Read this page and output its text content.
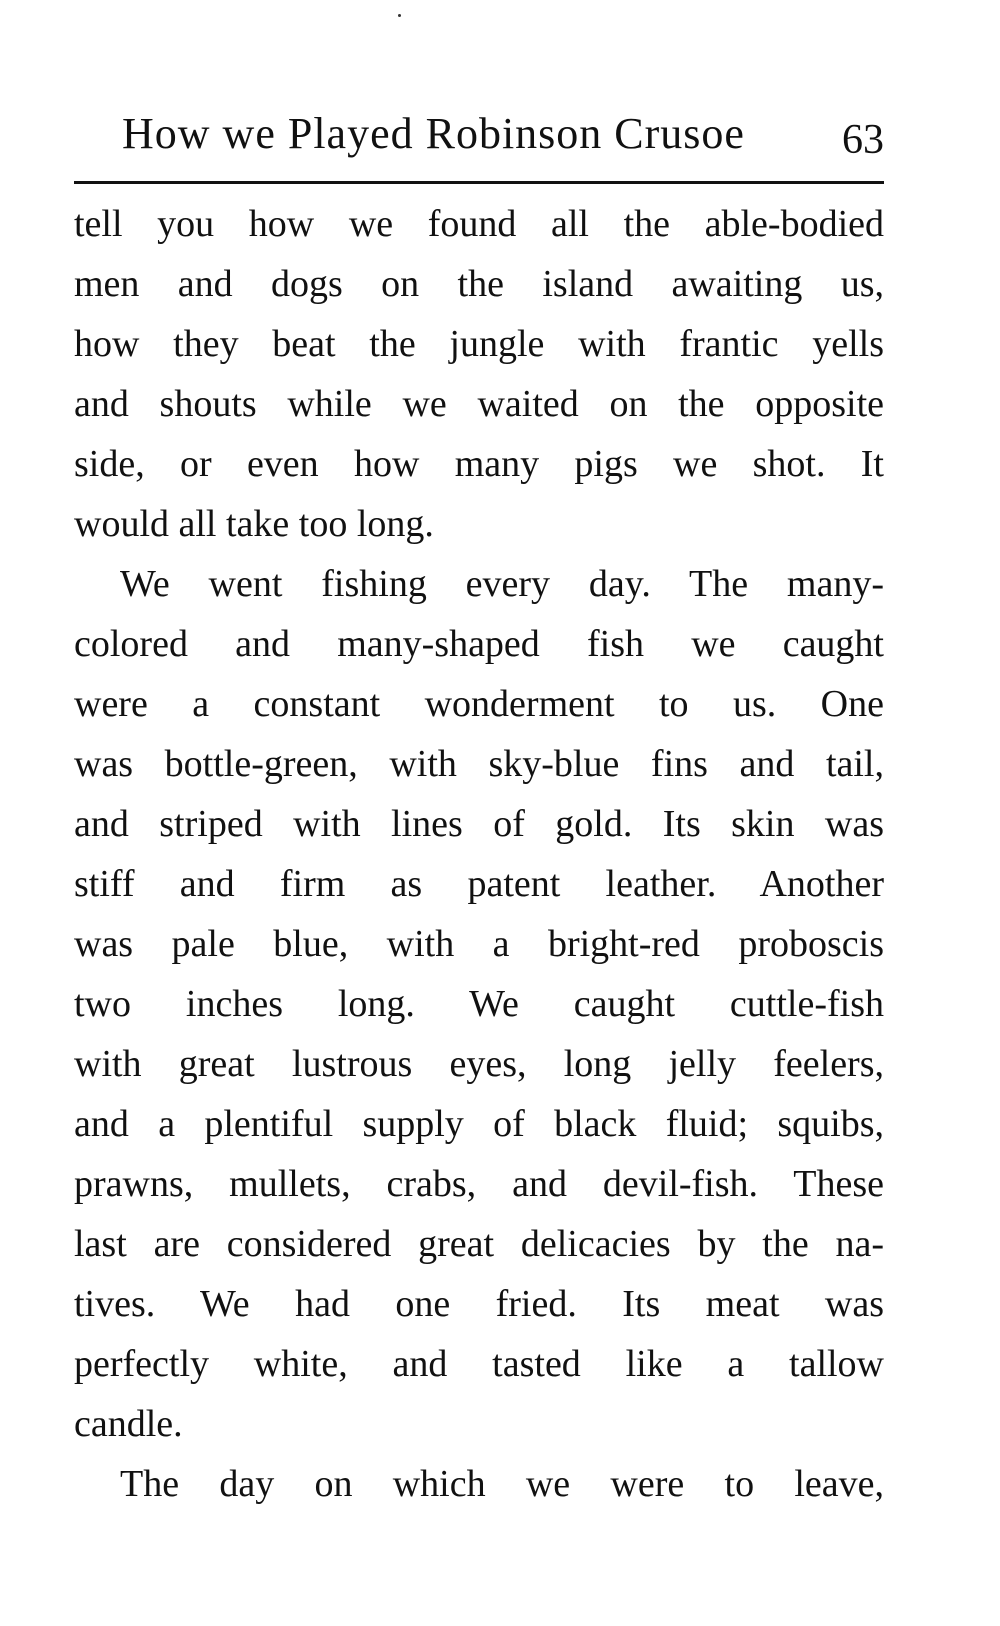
How we Played Robinson Crusoe 63
tell you how we found all the able-bodied
men and dogs on the island awaiting us,
how they beat the jungle with frantic yells
and shouts while we waited on the opposite
side, or even how many pigs we shot. It
would all take too long.
We went fishing every day. The many-
colored and many-shaped fish we caught
were a constant wonderment to us. One
was bottle-green, with sky-blue fins and tail,
and striped with lines of gold. Its skin was
stiff and firm as patent leather. Another
was pale blue, with a bright-red proboscis
two inches long. We caught cuttle-fish
with great lustrous eyes, long jelly feelers,
and a plentiful supply of black fluid; squibs,
prawns, mullets, crabs, and devil-fish. These
last are considered great delicacies by the na-
tives. We had one fried. Its meat was
perfectly white, and tasted like a tallow
candle.
The day on which we were to leave,
